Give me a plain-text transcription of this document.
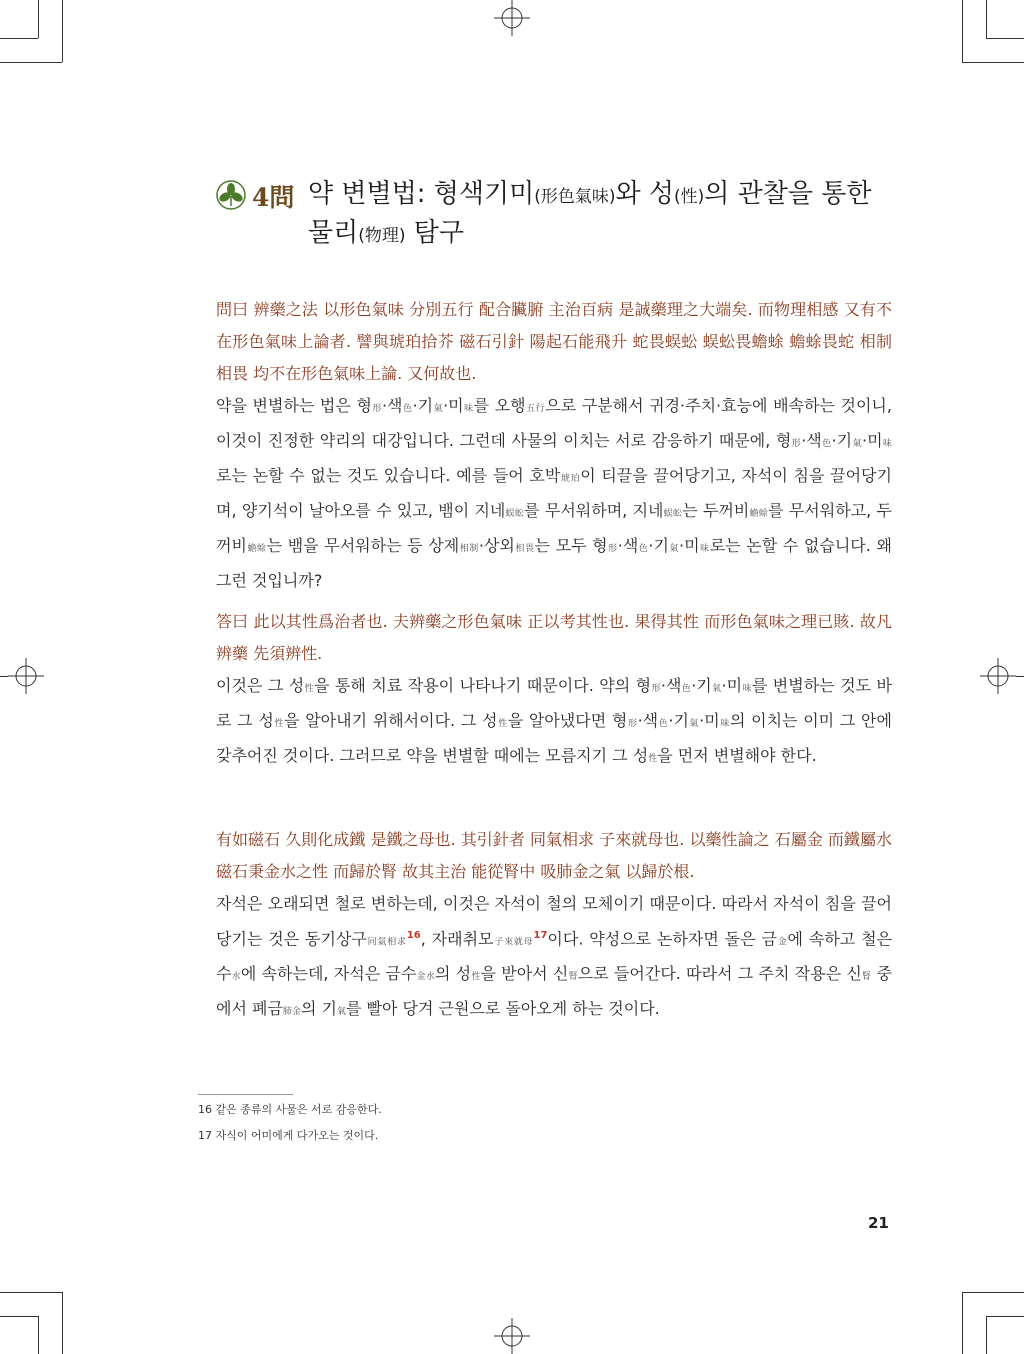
4問 약 변별법: 형색기미(形色氣味)와 성(性)의 관찰을 통한
물리(物理) 탐구

問曰 辨藥之法 以形色氣味 分別五行 配合臟腑 主治百病 是誠藥理之大端矣. 而物理相感 又有不在形色氣味上論者. 譬與琥珀拾芥 磁石引針 陽起石能飛升 蛇畏蜈蚣 蜈蚣畏蟾蜍 蟾蜍畏蛇 相制相畏 均不在形色氣味上論. 又何故也.

약을 변별하는 법은 형形·색色·기氣·미味를 오행五行으로 구분해서 귀경·주치·효능에 배속하는 것이니, 이것이 진정한 약리의 대강입니다. 그런데 사물의 이치는 서로 감응하기 때문에, 형形·색色·기氣·미味로는 논할 수 없는 것도 있습니다. 예를 들어 호박琥珀이 티끌을 끌어당기고, 자석이 침을 끌어당기며, 양기석이 날아오를 수 있고, 뱀이 지네蜈蚣를 무서워하며, 지네蜈蚣는 두꺼비蟾蜍를 무서워하고, 두꺼비蟾蜍는 뱀을 무서워하는 등 상제相制·상외相畏는 모두 형形·색色·기氣·미味로는 논할 수 없습니다. 왜 그런 것입니까?

答曰 此以其性爲治者也. 夫辨藥之形色氣味 正以考其性也. 果得其性 而形色氣味之理已賅. 故凡辨藥 先須辨性.

이것은 그 성性을 통해 치료 작용이 나타나기 때문이다. 약의 형形·색色·기氣·미味를 변별하는 것도 바로 그 성性을 알아내기 위해서이다. 그 성性을 알아냈다면 형形·색色·기氣·미味의 이치는 이미 그 안에 갖추어진 것이다. 그러므로 약을 변별할 때에는 모름지기 그 성性을 먼저 변별해야 한다.

有如磁石 久則化成鐵 是鐵之母也. 其引針者 同氣相求 子來就母也. 以藥性論之 石屬金 而鐵屬水 磁石秉金水之性 而歸於腎 故其主治 能從腎中 吸肺金之氣 以歸於根.

자석은 오래되면 철로 변하는데, 이것은 자석이 철의 모체이기 때문이다. 따라서 자석이 침을 끌어당기는 것은 동기상구同氣相求$^{16}$, 자래취모子來就母$^{17}$이다. 약성으로 논하자면 돌은 금金에 속하고 철은 수水에 속하는데, 자석은 금수金水의 성性을 받아서 신腎으로 들어간다. 따라서 그 주치 작용은 신腎 중에서 폐금肺金의 기氣를 빨아 당겨 근원으로 돌아오게 하는 것이다.

16 같은 종류의 사물은 서로 감응한다.
17 자식이 어미에게 다가오는 것이다.
21
